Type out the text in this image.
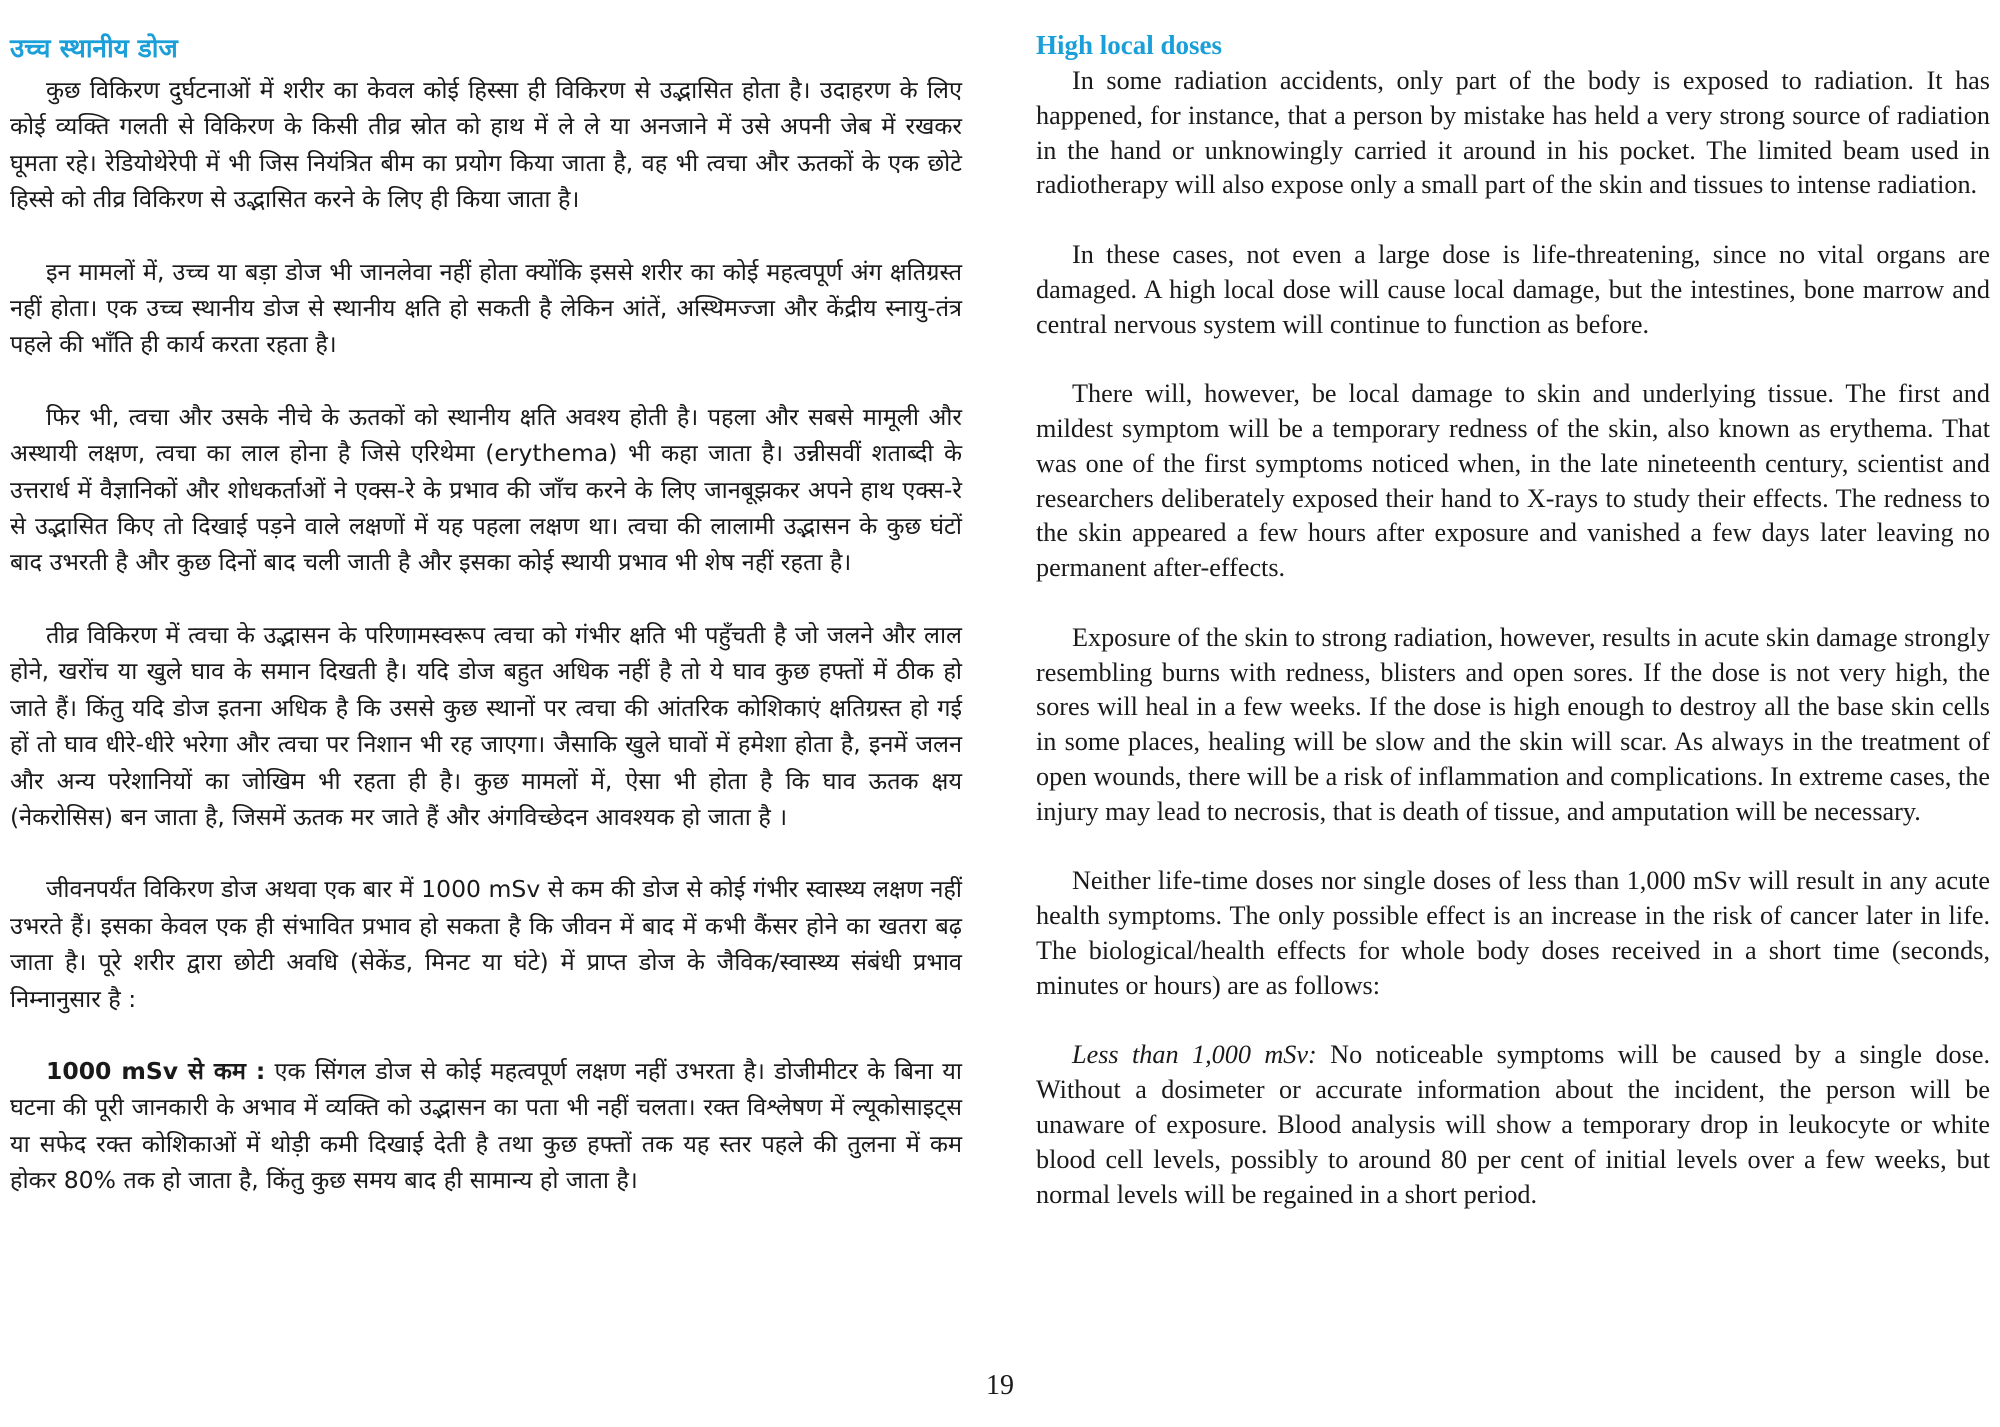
उच्च स्थानीय डोज

कुछ विकिरण दुर्घटनाओं में शरीर का केवल कोई हिस्सा ही विकिरण से उद्भासित होता है। उदाहरण के लिए कोई व्यक्ति गलती से विकिरण के किसी तीव्र स्रोत को हाथ में ले ले या अनजाने में उसे अपनी जेब में रखकर घूमता रहे। रेडियोथेरेपी में भी जिस नियंत्रित बीम का प्रयोग किया जाता है, वह भी त्वचा और ऊतकों के एक छोटे हिस्से को तीव्र विकिरण से उद्भासित करने के लिए ही किया जाता है।

इन मामलों में, उच्च या बड़ा डोज भी जानलेवा नहीं होता क्योंकि इससे शरीर का कोई महत्वपूर्ण अंग क्षतिग्रस्त नहीं होता। एक उच्च स्थानीय डोज से स्थानीय क्षति हो सकती है लेकिन आंतें, अस्थिमज्जा और केंद्रीय स्नायु-तंत्र पहले की भाँति ही कार्य करता रहता है।

फिर भी, त्वचा और उसके नीचे के ऊतकों को स्थानीय क्षति अवश्य होती है। पहला और सबसे मामूली और अस्थायी लक्षण, त्वचा का लाल होना है जिसे एरिथेमा (erythema) भी कहा जाता है। उन्नीसवीं शताब्दी के उत्तरार्ध में वैज्ञानिकों और शोधकर्ताओं ने एक्स-रे के प्रभाव की जाँच करने के लिए जानबूझकर अपने हाथ एक्स-रे से उद्भासित किए तो दिखाई पड़ने वाले लक्षणों में यह पहला लक्षण था। त्वचा की लालामी उद्भासन के कुछ घंटों बाद उभरती है और कुछ दिनों बाद चली जाती है और इसका कोई स्थायी प्रभाव भी शेष नहीं रहता है।

तीव्र विकिरण में त्वचा के उद्भासन के परिणामस्वरूप त्वचा को गंभीर क्षति भी पहुँचती है जो जलने और लाल होने, खरोंच या खुले घाव के समान दिखती है। यदि डोज बहुत अधिक नहीं है तो ये घाव कुछ हफ्तों में ठीक हो जाते हैं। किंतु यदि डोज इतना अधिक है कि उससे कुछ स्थानों पर त्वचा की आंतरिक कोशिकाएं क्षतिग्रस्त हो गई हों तो घाव धीरे-धीरे भरेगा और त्वचा पर निशान भी रह जाएगा। जैसाकि खुले घावों में हमेशा होता है, इनमें जलन और अन्य परेशानियों का जोखिम भी रहता ही है। कुछ मामलों में, ऐसा भी होता है कि घाव ऊतक क्षय (नेकरोसिस) बन जाता है, जिसमें ऊतक मर जाते हैं और अंगविच्छेदन आवश्यक हो जाता है ।

जीवनपर्यंत विकिरण डोज अथवा एक बार में 1000 mSv से कम की डोज से कोई गंभीर स्वास्थ्य लक्षण नहीं उभरते हैं। इसका केवल एक ही संभावित प्रभाव हो सकता है कि जीवन में बाद में कभी कैंसर होने का खतरा बढ़ जाता है। पूरे शरीर द्वारा छोटी अवधि (सेकेंड, मिनट या घंटे) में प्राप्त डोज के जैविक/स्वास्थ्य संबंधी प्रभाव निम्नानुसार है :

1000 mSv से कम : एक सिंगल डोज से कोई महत्वपूर्ण लक्षण नहीं उभरता है। डोजीमीटर के बिना या घटना की पूरी जानकारी के अभाव में व्यक्ति को उद्भासन का पता भी नहीं चलता। रक्त विश्लेषण में ल्यूकोसाइट्स या सफेद रक्त कोशिकाओं में थोड़ी कमी दिखाई देती है तथा कुछ हफ्तों तक यह स्तर पहले की तुलना में कम होकर 80% तक हो जाता है, किंतु कुछ समय बाद ही सामान्य हो जाता है।

High local doses

In some radiation accidents, only part of the body is exposed to radiation. It has happened, for instance, that a person by mistake has held a very strong source of radiation in the hand or unknowingly carried it around in his pocket. The limited beam used in radiotherapy will also expose only a small part of the skin and tissues to intense radiation.

In these cases, not even a large dose is life-threatening, since no vital organs are damaged. A high local dose will cause local damage, but the intestines, bone marrow and central nervous system will continue to function as before.

There will, however, be local damage to skin and underlying tissue. The first and mildest symptom will be a temporary redness of the skin, also known as erythema. That was one of the first symptoms noticed when, in the late nineteenth century, scientist and researchers deliberately exposed their hand to X-rays to study their effects. The redness to the skin appeared a few hours after exposure and vanished a few days later leaving no permanent after-effects.

Exposure of the skin to strong radiation, however, results in acute skin damage strongly resembling burns with redness, blisters and open sores. If the dose is not very high, the sores will heal in a few weeks. If the dose is high enough to destroy all the base skin cells in some places, healing will be slow and the skin will scar. As always in the treatment of open wounds, there will be a risk of inflammation and complications. In extreme cases, the injury may lead to necrosis, that is death of tissue, and amputation will be necessary.

Neither life-time doses nor single doses of less than 1,000 mSv will result in any acute health symptoms. The only possible effect is an increase in the risk of cancer later in life. The biological/health effects for whole body doses received in a short time (seconds, minutes or hours) are as follows:

Less than 1,000 mSv: No noticeable symptoms will be caused by a single dose. Without a dosimeter or accurate information about the incident, the person will be unaware of exposure. Blood analysis will show a temporary drop in leukocyte or white blood cell levels, possibly to around 80 per cent of initial levels over a few weeks, but normal levels will be regained in a short period.

19
